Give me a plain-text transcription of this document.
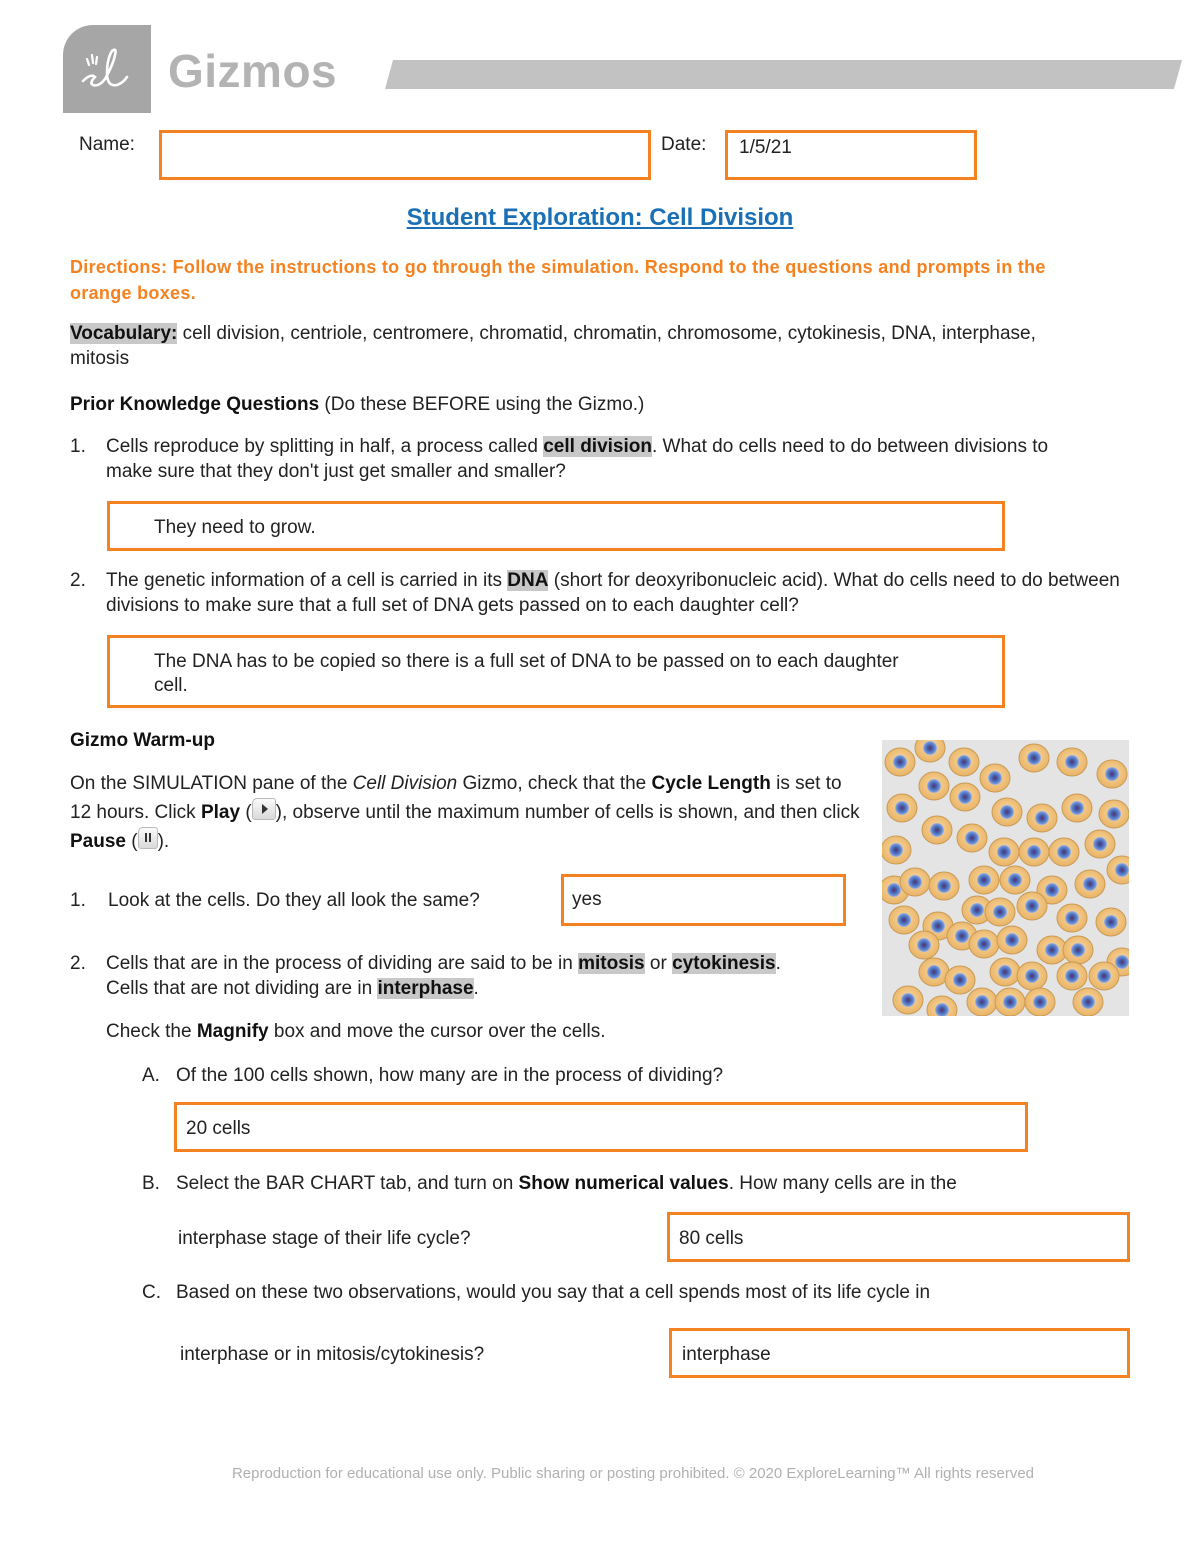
Gizmos
Name:	Date: 1/5/21
Student Exploration: Cell Division
Directions: Follow the instructions to go through the simulation. Respond to the questions and prompts in the orange boxes.
Vocabulary: cell division, centriole, centromere, chromatid, chromatin, chromosome, cytokinesis, DNA, interphase, mitosis
Prior Knowledge Questions (Do these BEFORE using the Gizmo.)
1. Cells reproduce by splitting in half, a process called cell division. What do cells need to do between divisions to make sure that they don't just get smaller and smaller?
They need to grow.
2. The genetic information of a cell is carried in its DNA (short for deoxyribonucleic acid). What do cells need to do between divisions to make sure that a full set of DNA gets passed on to each daughter cell?
The DNA has to be copied so there is a full set of DNA to be passed on to each daughter cell.
Gizmo Warm-up
On the SIMULATION pane of the Cell Division Gizmo, check that the Cycle Length is set to 12 hours. Click Play ( ), observe until the maximum number of cells is shown, and then click Pause ( ).
1. Look at the cells. Do they all look the same?	yes
2. Cells that are in the process of dividing are said to be in mitosis or cytokinesis. Cells that are not dividing are in interphase.
Check the Magnify box and move the cursor over the cells.
A. Of the 100 cells shown, how many are in the process of dividing?
20 cells
B. Select the BAR CHART tab, and turn on Show numerical values. How many cells are in the
interphase stage of their life cycle?	80 cells
C. Based on these two observations, would you say that a cell spends most of its life cycle in
interphase or in mitosis/cytokinesis?	interphase
Reproduction for educational use only. Public sharing or posting prohibited. © 2020 ExploreLearning™ All rights reserved
